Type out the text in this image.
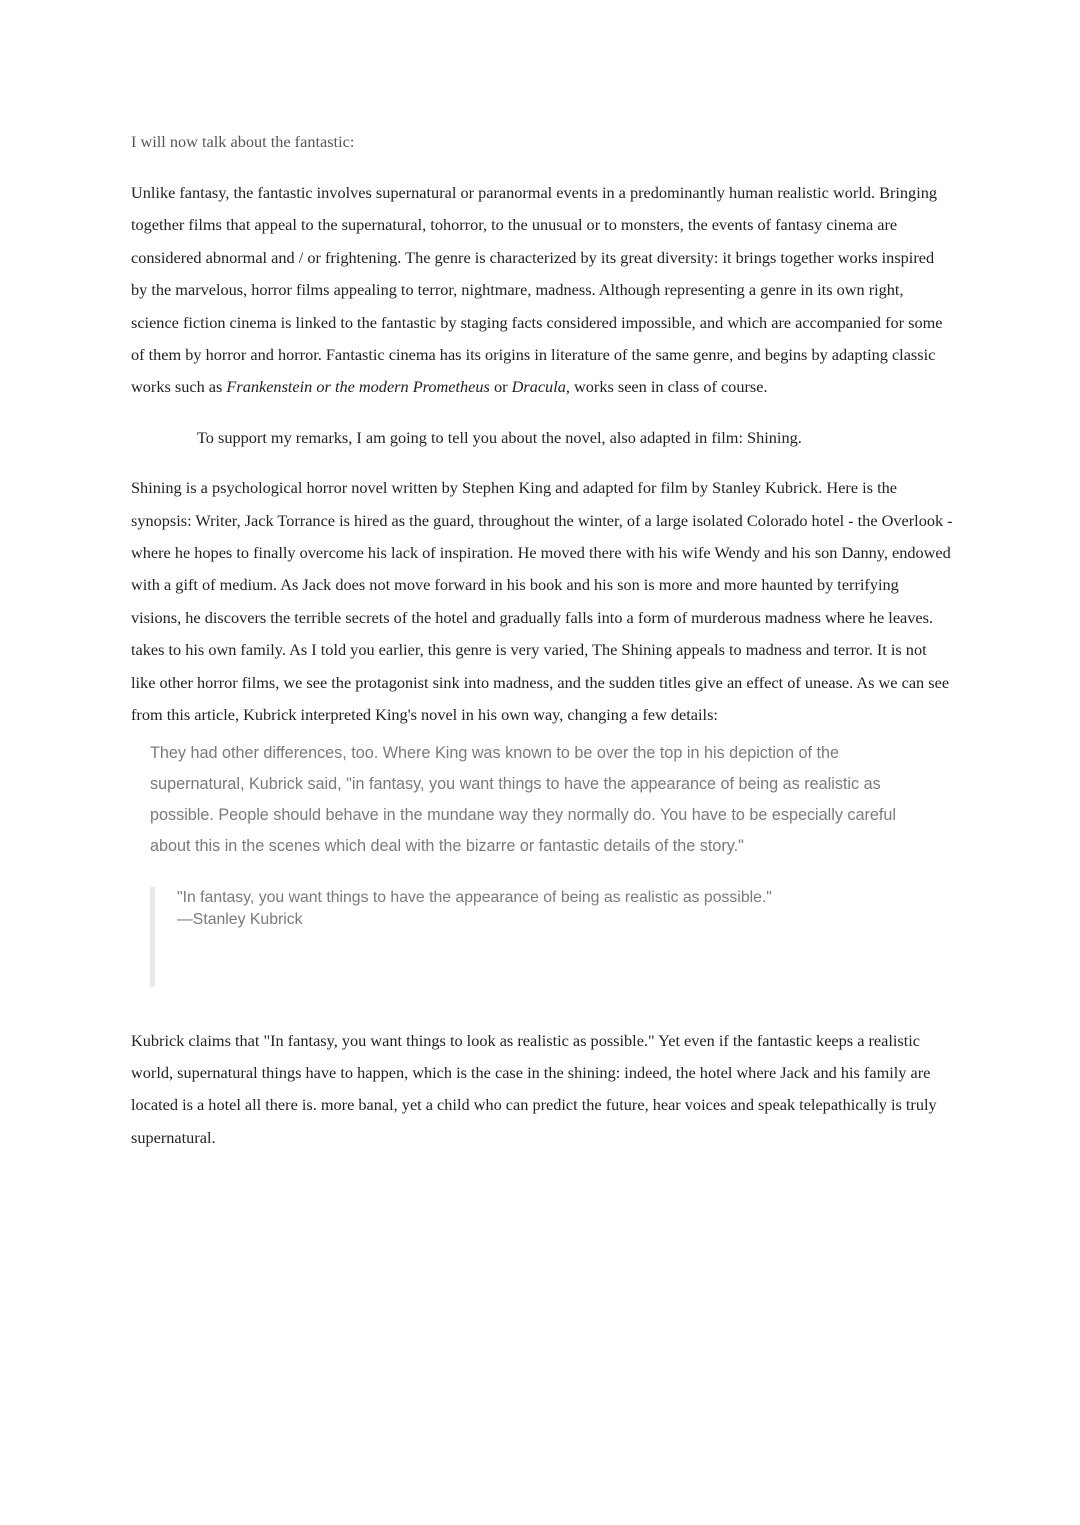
I will now talk about the fantastic:

Unlike fantasy, the fantastic involves supernatural or paranormal events in a predominantly human realistic world. Bringing together films that appeal to the supernatural, tohorror, to the unusual or to monsters, the events of fantasy cinema are considered abnormal and / or frightening. The genre is characterized by its great diversity: it brings together works inspired by the marvelous, horror films appealing to terror, nightmare, madness. Although representing a genre in its own right, science fiction cinema is linked to the fantastic by staging facts considered impossible, and which are accompanied for some of them by horror and horror. Fantastic cinema has its origins in literature of the same genre, and begins by adapting classic works such as Frankenstein or the modern Prometheus or Dracula, works seen in class of course.

To support my remarks, I am going to tell you about the novel, also adapted in film: Shining.

Shining is a psychological horror novel written by Stephen King and adapted for film by Stanley Kubrick. Here is the synopsis: Writer, Jack Torrance is hired as the guard, throughout the winter, of a large isolated Colorado hotel - the Overlook - where he hopes to finally overcome his lack of inspiration. He moved there with his wife Wendy and his son Danny, endowed with a gift of medium. As Jack does not move forward in his book and his son is more and more haunted by terrifying visions, he discovers the terrible secrets of the hotel and gradually falls into a form of murderous madness where he leaves. takes to his own family. As I told you earlier, this genre is very varied, The Shining appeals to madness and terror. It is not like other horror films, we see the protagonist sink into madness, and the sudden titles give an effect of unease. As we can see from this article, Kubrick interpreted King's novel in his own way, changing a few details:

They had other differences, too. Where King was known to be over the top in his depiction of the supernatural, Kubrick said, "in fantasy, you want things to have the appearance of being as realistic as possible. People should behave in the mundane way they normally do. You have to be especially careful about this in the scenes which deal with the bizarre or fantastic details of the story."

"In fantasy, you want things to have the appearance of being as realistic as possible."
—Stanley Kubrick

Kubrick claims that "In fantasy, you want things to look as realistic as possible." Yet even if the fantastic keeps a realistic world, supernatural things have to happen, which is the case in the shining: indeed, the hotel where Jack and his family are located is a hotel all there is. more banal, yet a child who can predict the future, hear voices and speak telepathically is truly supernatural.
